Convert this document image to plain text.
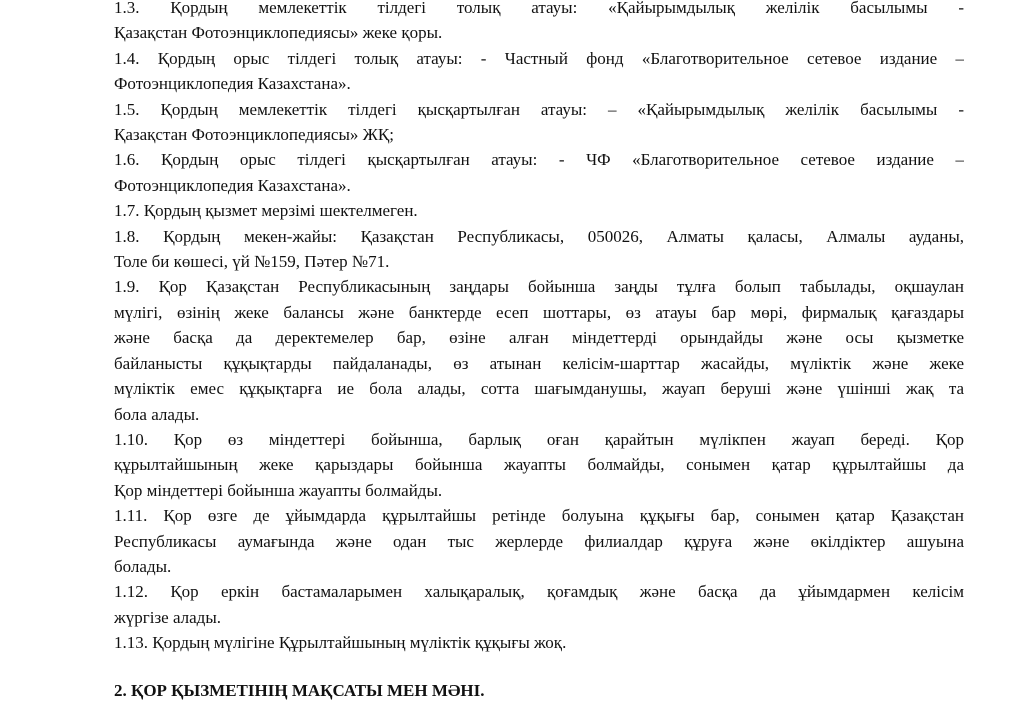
1.3. Қордың мемлекеттік тілдегі толық атауы: «Қайырымдылық желілік басылымы -
Қазақстан Фотоэнциклопедиясы» жеке қоры.

1.4. Қордың орыс тілдегі толық атауы: - Частный фонд «Благотворительное сетевое издание –
Фотоэнциклопедия Казахстана».

1.5. Қордың мемлекеттік тілдегі қысқартылған атауы: – «Қайырымдылық желілік басылымы -
Қазақстан Фотоэнциклопедиясы» ЖҚ;

1.6. Қордың орыс тілдегі қысқартылған атауы: - ЧФ «Благотворительное сетевое издание –
Фотоэнциклопедия Казахстана».

1.7. Қордың қызмет мерзімі шектелмеген.

1.8. Қордың мекен-жайы: Қазақстан Республикасы, 050026, Алматы қаласы, Алмалы ауданы,
Толе би көшесі, үй №159, Пәтер №71.

1.9. Қор Қазақстан Республикасының заңдары бойынша заңды тұлға болып табылады, оқшаулан
мүлігі, өзінің жеке балансы және банктерде есеп шоттары, өз атауы бар мөрі, фирмалық қағаздары
және басқа да деректемелер бар, өзіне алған міндеттерді орындайды және осы қызметке
байланысты құқықтарды пайдаланады, өз атынан келісім-шарттар жасайды, мүліктік және жеке
мүліктік емес құқықтарға ие бола алады, сотта шағымданушы, жауап беруші және үшінші жақ та
бола алады.

1.10. Қор өз міндеттері бойынша, барлық оған қарайтын мүлікпен жауап береді. Қор
құрылтайшының жеке қарыздары бойынша жауапты болмайды, сонымен қатар құрылтайшы да
Қор міндеттері бойынша жауапты болмайды.

1.11. Қор өзге де ұйымдарда құрылтайшы ретінде болуына құқығы бар, сонымен қатар Қазақстан
Республикасы аумағында және одан тыс жерлерде филиалдар құруға және өкілдіктер ашуына
болады.

1.12. Қор еркін бастамаларымен халықаралық, қоғамдық және басқа да ұйымдармен келісім
жүргізе алады.

1.13. Қордың мүлігіне Құрылтайшының мүліктік құқығы жоқ.

2. ҚОР ҚЫЗМЕТІНІҢ МАҚСАТЫ МЕН МӘНІ.
